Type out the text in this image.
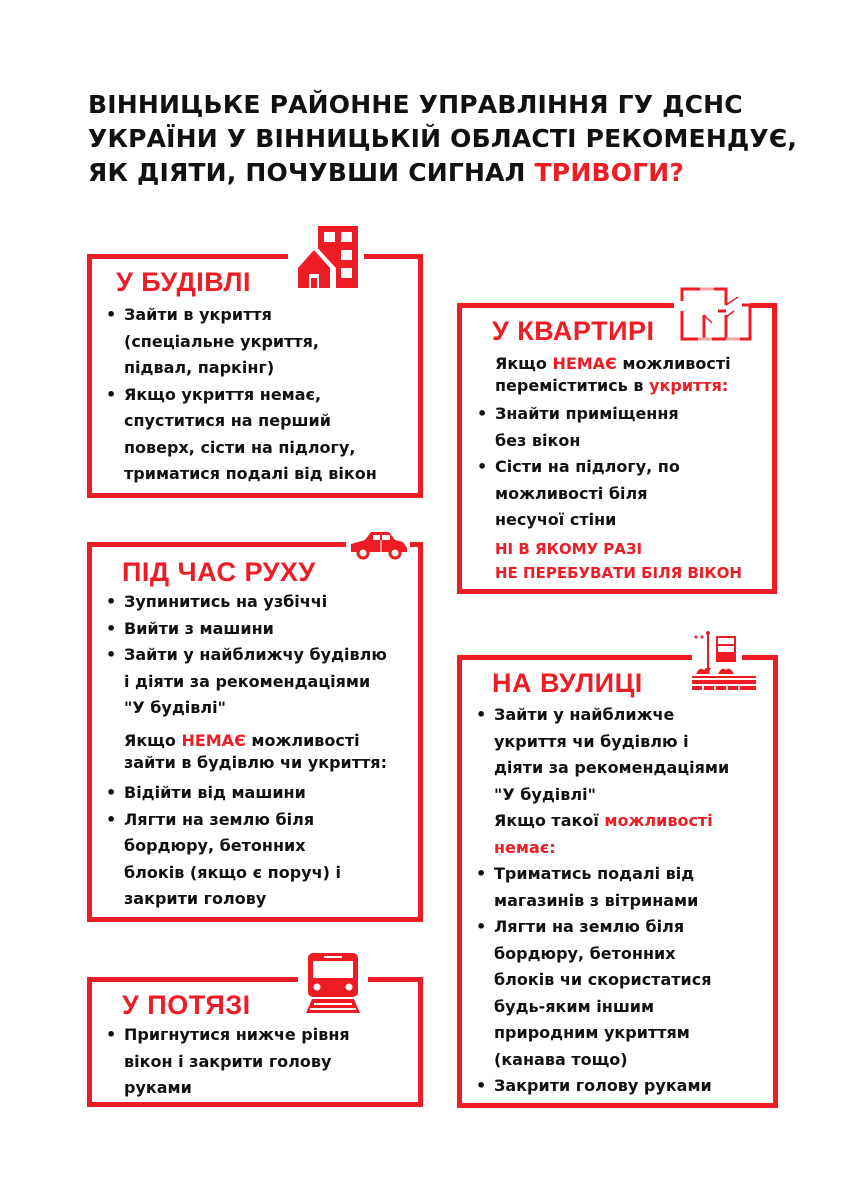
ВІННИЦЬКЕ РАЙОННЕ УПРАВЛІННЯ ГУ ДСНС
УКРАЇНИ У ВІННИЦЬКІЙ ОБЛАСТІ РЕКОМЕНДУЄ,
ЯК ДІЯТИ, ПОЧУВШИ СИГНАЛ ТРИВОГИ?
У БУДІВЛІ
• Зайти в укриття
(спеціальне укриття,
підвал, паркінг)
• Якщо укриття немає,
спуститися на перший
поверх, сісти на підлогу,
триматися подалі від вікон
У КВАРТИРІ
Якщо НЕМАЄ можливості
переміститись в укриття:
• Знайти приміщення
без вікон
• Сісти на підлогу, по
можливості біля
несучої стіни
НІ В ЯКОМУ РАЗІ
НЕ ПЕРЕБУВАТИ БІЛЯ ВІКОН
ПІД ЧАС РУХУ
• Зупинитись на узбіччі
• Вийти з машини
• Зайти у найближчу будівлю
і діяти за рекомендаціями
"У будівлі"
Якщо НЕМАЄ можливості
зайти в будівлю чи укриття:
• Відійти від машини
• Лягти на землю біля
бордюру, бетонних
блоків (якщо є поруч) і
закрити голову
У ПОТЯЗІ
• Пригнутися нижче рівня
вікон і закрити голову
руками
НА ВУЛИЦІ
• Зайти у найближче
укриття чи будівлю і
діяти за рекомендаціями
"У будівлі"
Якщо такої можливості
немає:
• Триматись подалі від
магазинів з вітринами
• Лягти на землю біля
бордюру, бетонних
блоків чи скористатися
будь-яким іншим
природним укриттям
(канава тощо)
• Закрити голову руками
